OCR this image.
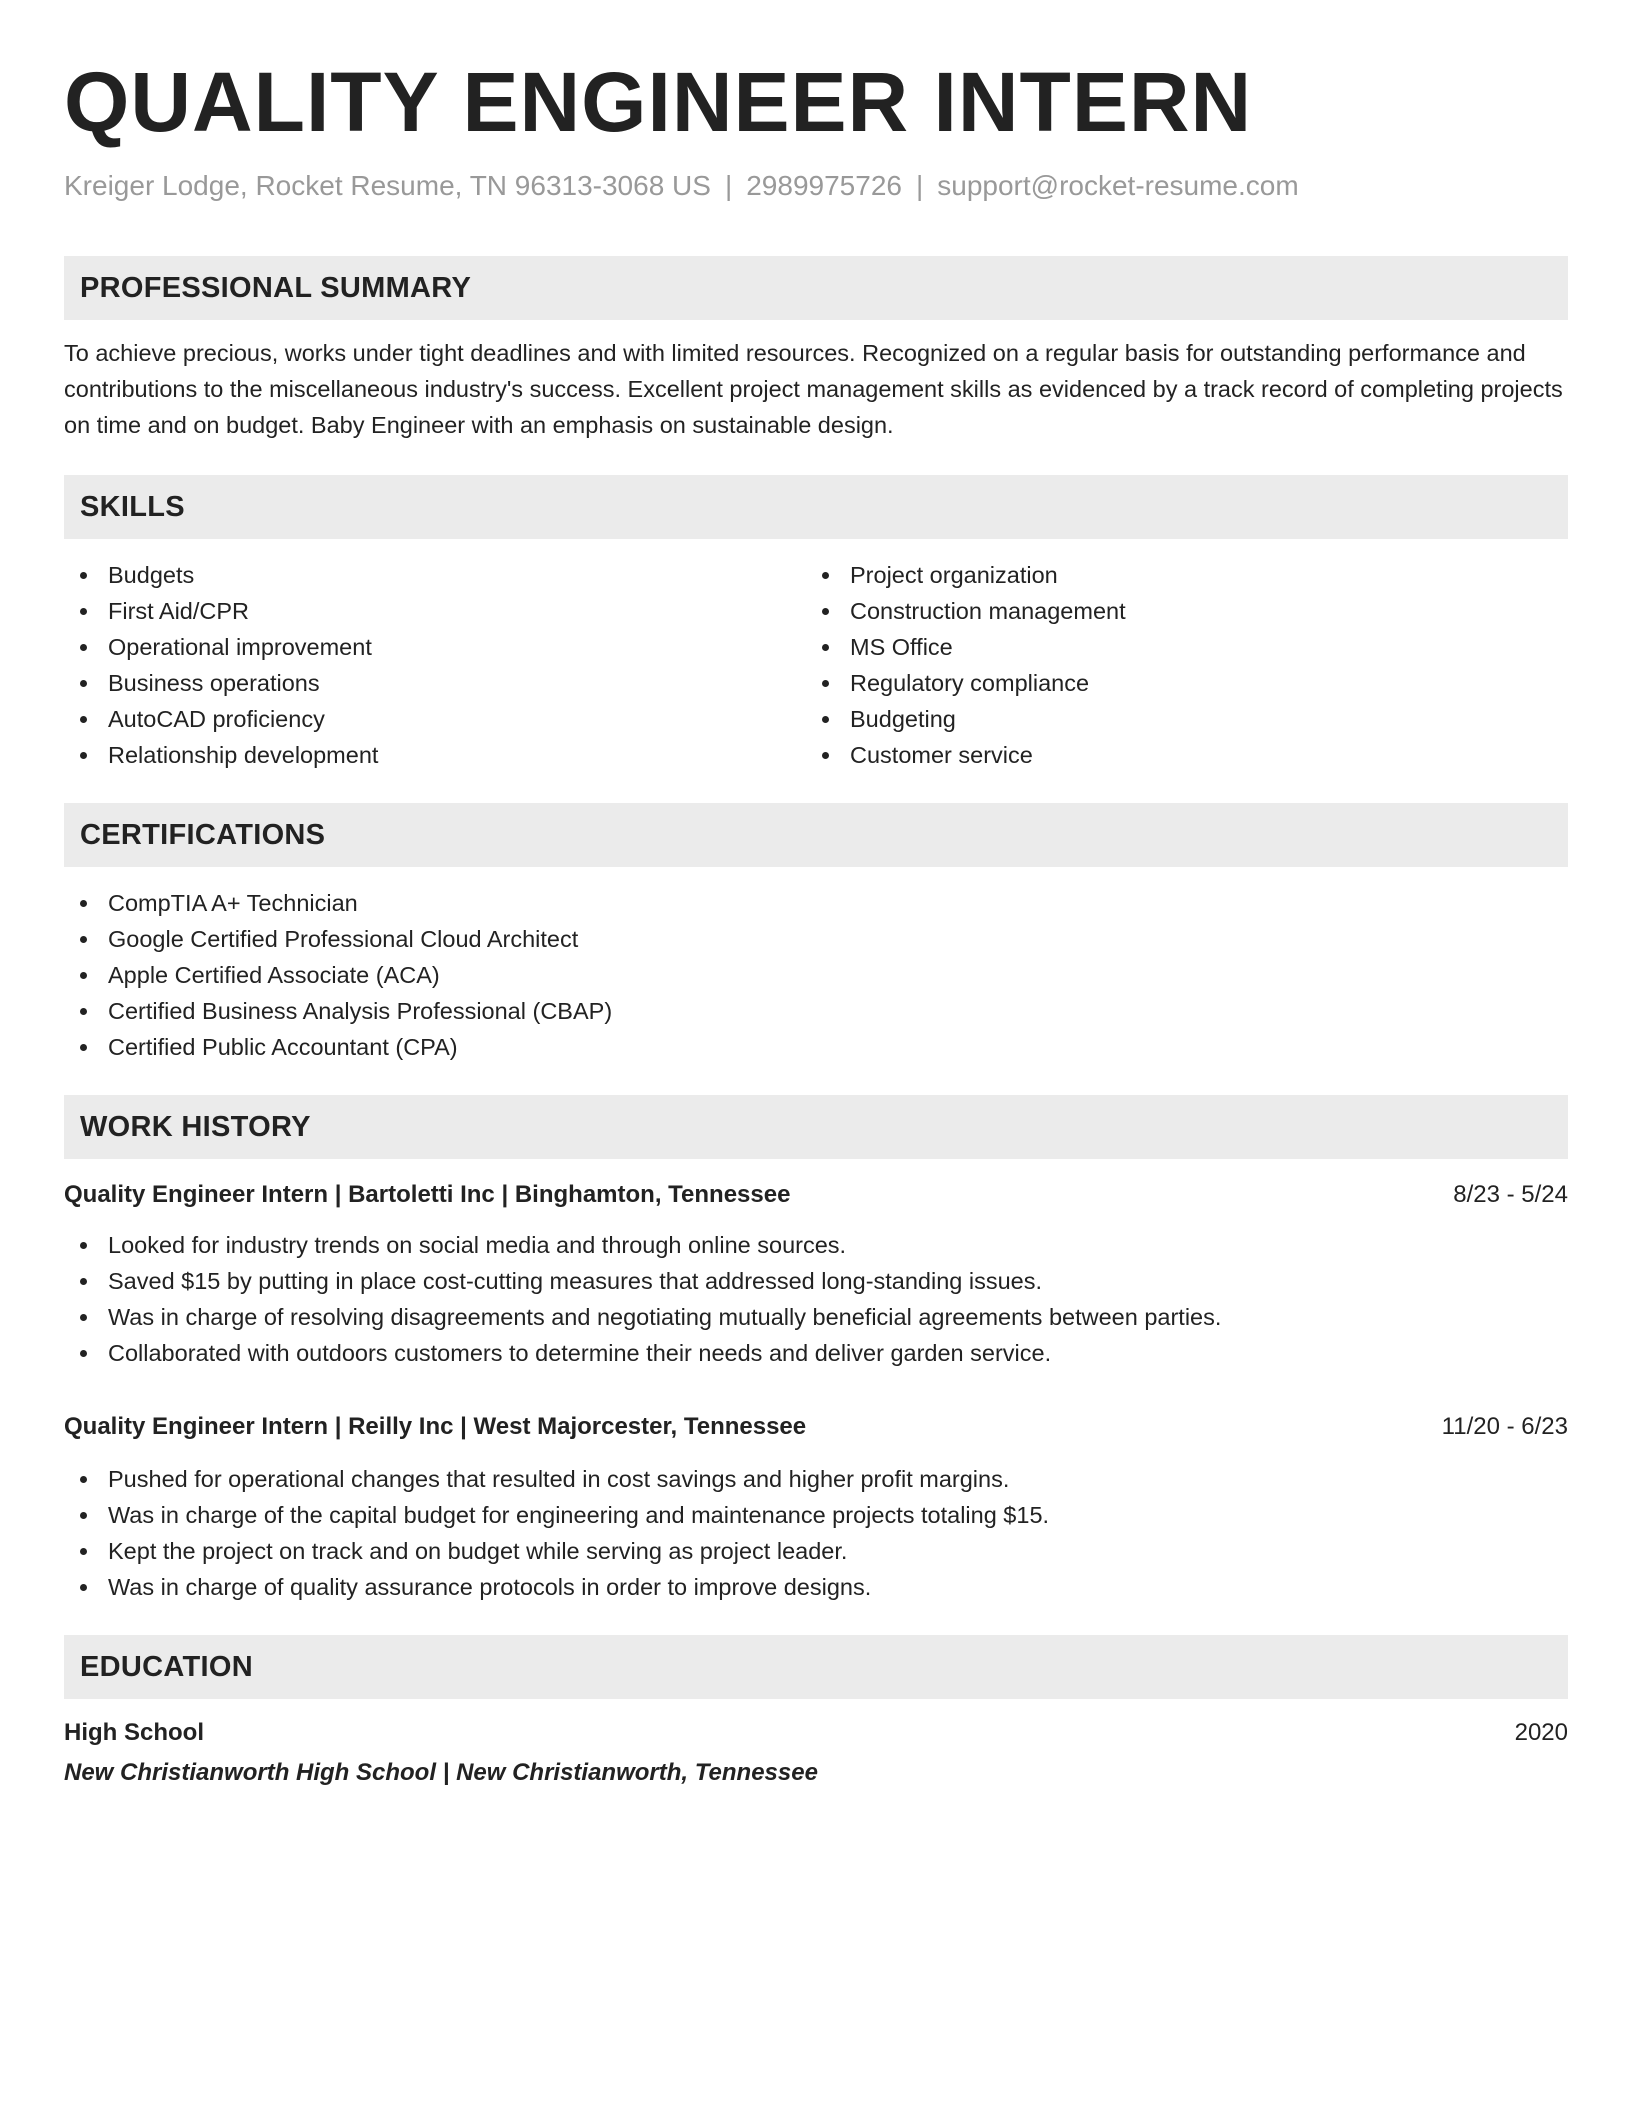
QUALITY ENGINEER INTERN
Kreiger Lodge, Rocket Resume, TN 96313-3068 US | 2989975726 | support@rocket-resume.com
PROFESSIONAL SUMMARY
To achieve precious, works under tight deadlines and with limited resources. Recognized on a regular basis for outstanding performance and contributions to the miscellaneous industry's success. Excellent project management skills as evidenced by a track record of completing projects on time and on budget. Baby Engineer with an emphasis on sustainable design.
SKILLS
Budgets
First Aid/CPR
Operational improvement
Business operations
AutoCAD proficiency
Relationship development
Project organization
Construction management
MS Office
Regulatory compliance
Budgeting
Customer service
CERTIFICATIONS
CompTIA A+ Technician
Google Certified Professional Cloud Architect
Apple Certified Associate (ACA)
Certified Business Analysis Professional (CBAP)
Certified Public Accountant (CPA)
WORK HISTORY
Quality Engineer Intern | Bartoletti Inc | Binghamton, Tennessee	8/23 - 5/24
Looked for industry trends on social media and through online sources.
Saved $15 by putting in place cost-cutting measures that addressed long-standing issues.
Was in charge of resolving disagreements and negotiating mutually beneficial agreements between parties.
Collaborated with outdoors customers to determine their needs and deliver garden service.
Quality Engineer Intern | Reilly Inc | West Majorcester, Tennessee	11/20 - 6/23
Pushed for operational changes that resulted in cost savings and higher profit margins.
Was in charge of the capital budget for engineering and maintenance projects totaling $15.
Kept the project on track and on budget while serving as project leader.
Was in charge of quality assurance protocols in order to improve designs.
EDUCATION
High School	2020
New Christianworth High School | New Christianworth, Tennessee
